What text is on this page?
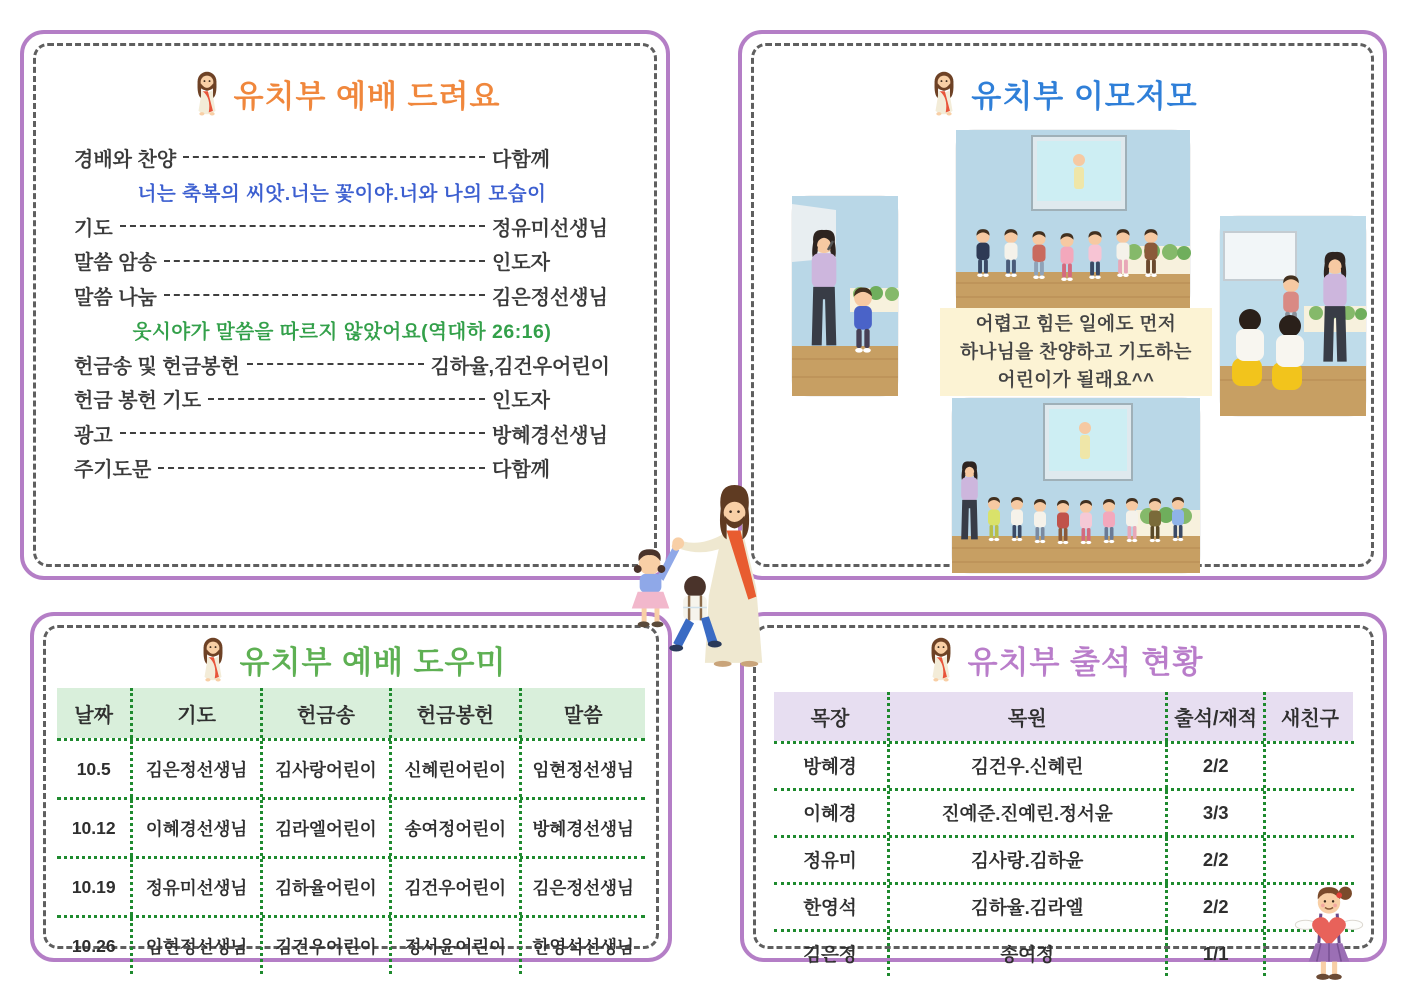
유치부 예배 드려요
경배와 찬양	다함께
너는 축복의 씨앗.너는 꽃이야.너와 나의 모습이
기도	정유미선생님
말씀 암송	인도자
말씀 나눔	김은정선생님
웃시야가 말씀을 따르지 않았어요(역대하 26:16)
헌금송 및 헌금봉헌	김하율,김건우어린이
헌금 봉헌 기도	인도자
광고	방혜경선생님
주기도문	다함께
유치부 이모저모
어렵고 힘든 일에도 먼저
하나님을 찬양하고 기도하는
어린이가 될래요^^
유치부 예배 도우미
날짜	기도	헌금송	헌금봉헌	말씀
10.5	김은정선생님	김사랑어린이	신혜린어린이	임현정선생님
10.12	이혜경선생님	김라엘어린이	송여정어린이	방혜경선생님
10.19	정유미선생님	김하율어린이	김건우어린이	김은정선생님
10.26	임현정선생님	김건우어린이	정서윤어린이	한영석선생님
유치부 출석 현황
목장	목원	출석/재적	새친구
방혜경	김건우.신혜린	2/2
이혜경	진예준.진예린.정서윤	3/3
정유미	김사랑.김하윤	2/2
한영석	김하율.김라엘	2/2
김은정	송여정	1/1
